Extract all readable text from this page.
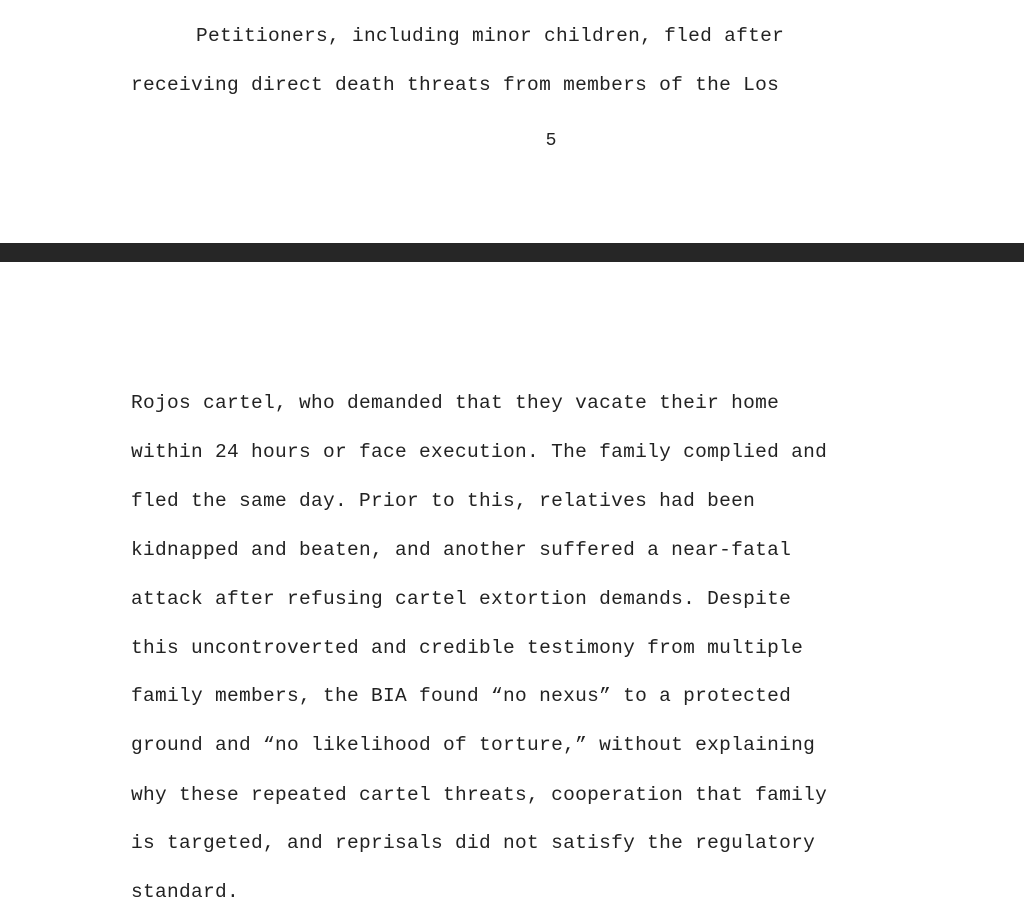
Petitioners, including minor children, fled after
receiving direct death threats from members of the Los
5
Rojos cartel, who demanded that they vacate their home
within 24 hours or face execution. The family complied and
fled the same day. Prior to this, relatives had been
kidnapped and beaten, and another suffered a near-fatal
attack after refusing cartel extortion demands. Despite
this uncontroverted and credible testimony from multiple
family members, the BIA found “no nexus” to a protected
ground and “no likelihood of torture,” without explaining
why these repeated cartel threats, cooperation that family
is targeted, and reprisals did not satisfy the regulatory
standard.
